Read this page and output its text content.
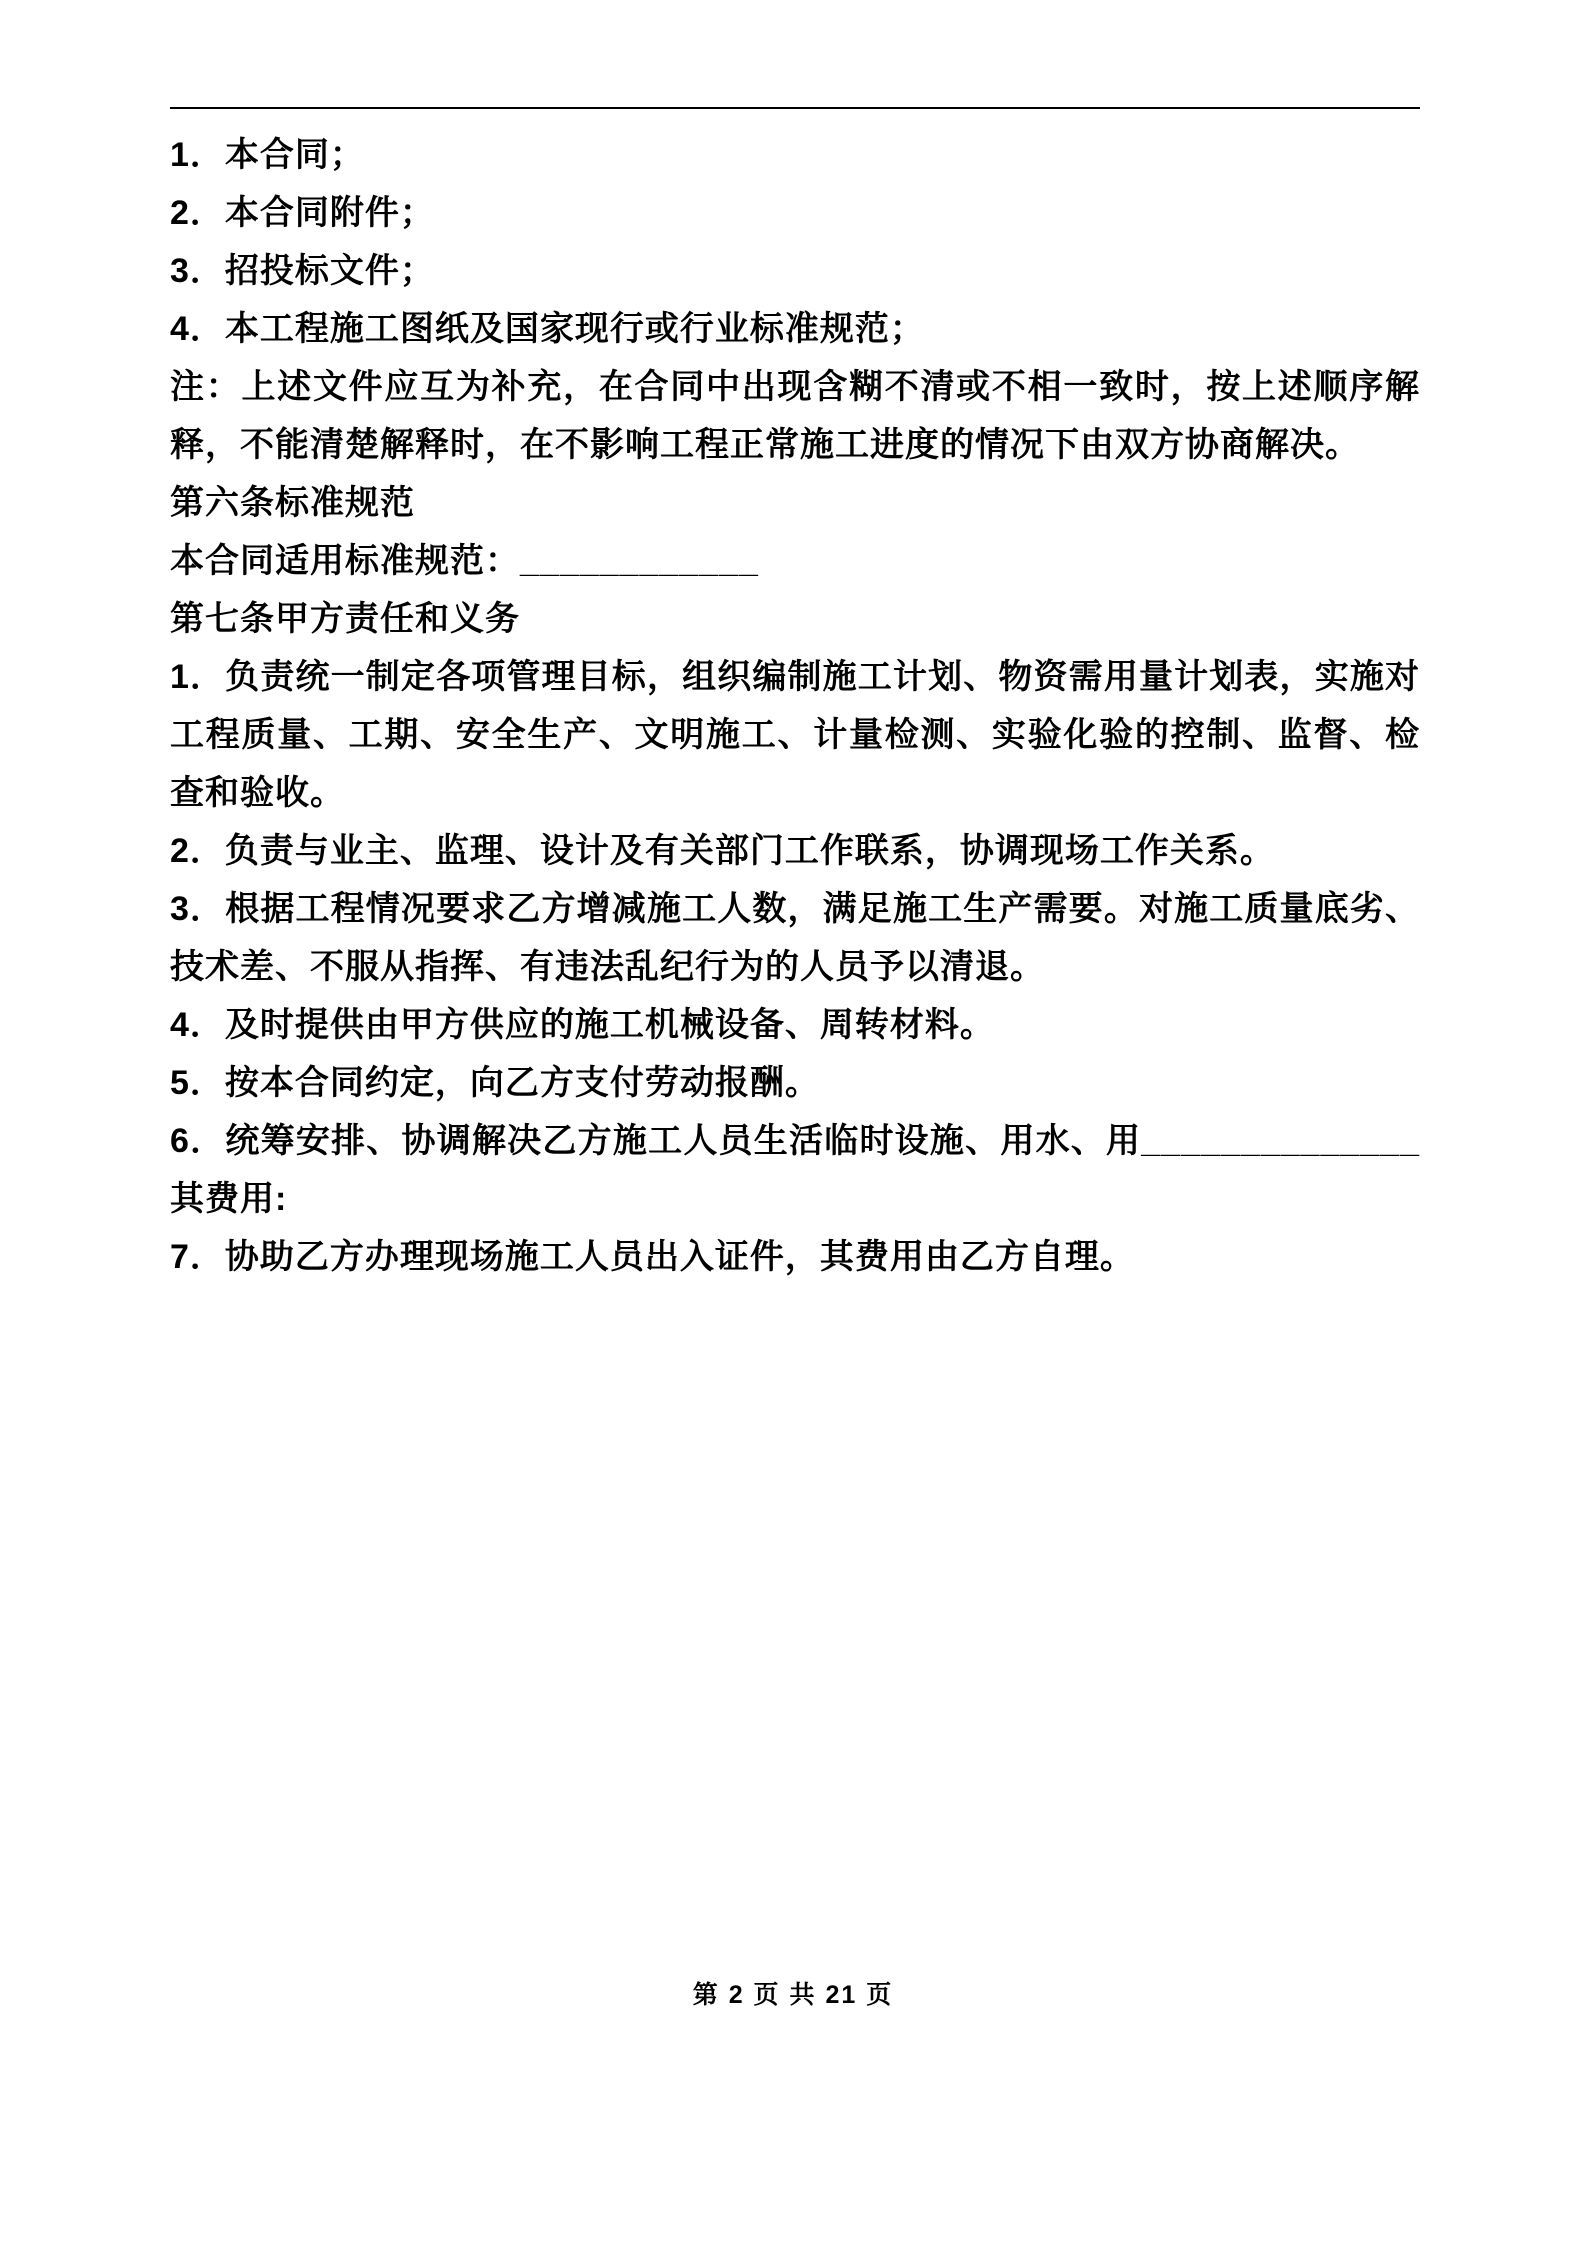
1．本合同；

2．本合同附件；

3．招投标文件；

4．本工程施工图纸及国家现行或行业标准规范；

注：上述文件应互为补充，在合同中出现含糊不清或不相一致时，按上述顺序解释，不能清楚解释时，在不影响工程正常施工进度的情况下由双方协商解决。

第六条标准规范

本合同适用标准规范：____________

第七条甲方责任和义务

1．负责统一制定各项管理目标，组织编制施工计划、物资需用量计划表，实施对工程质量、工期、安全生产、文明施工、计量检测、实验化验的控制、监督、检查和验收。

2．负责与业主、监理、设计及有关部门工作联系，协调现场工作关系。

3．根据工程情况要求乙方增减施工人数，满足施工生产需要。对施工质量底劣、技术差、不服从指挥、有违法乱纪行为的人员予以清退。

4．及时提供由甲方供应的施工机械设备、周转材料。

5．按本合同约定，向乙方支付劳动报酬。

6．统筹安排、协调解决乙方施工人员生活临时设施、用水、用______________其费用:

7．协助乙方办理现场施工人员出入证件，其费用由乙方自理。

第 2 页 共 21 页
